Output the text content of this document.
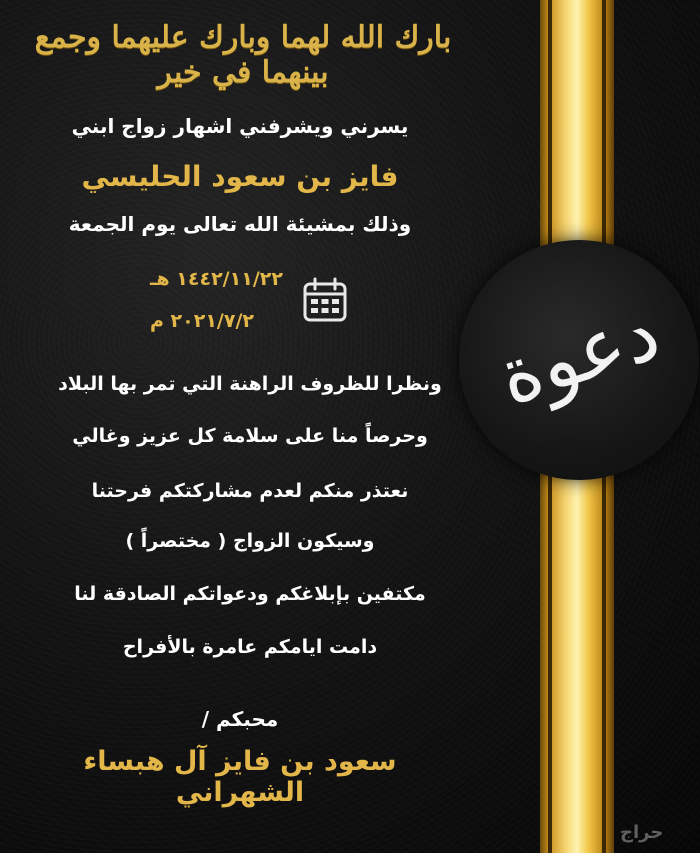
دعوة
بارك الله لهما وبارك عليهما وجمع بينهما في خير
يسرني ويشرفني اشهار زواج ابني
فايز بن سعود الحليسي
وذلك بمشيئة الله تعالى يوم الجمعة
١٤٤٢/١١/٢٢ هـ
٢٠٢١/٧/٢ م
ونظرا للظروف الراهنة التي تمر بها البلاد
وحرصاً منا على سلامة كل عزيز وغالي
نعتذر منكم لعدم مشاركتكم فرحتنا
وسيكون الزواج ( مختصراً )
مكتفين بإبلاغكم ودعواتكم الصادقة لنا
دامت ايامكم عامرة بالأفراح
محبكم /
سعود بن فايز آل هبساء الشهراني
حراج
